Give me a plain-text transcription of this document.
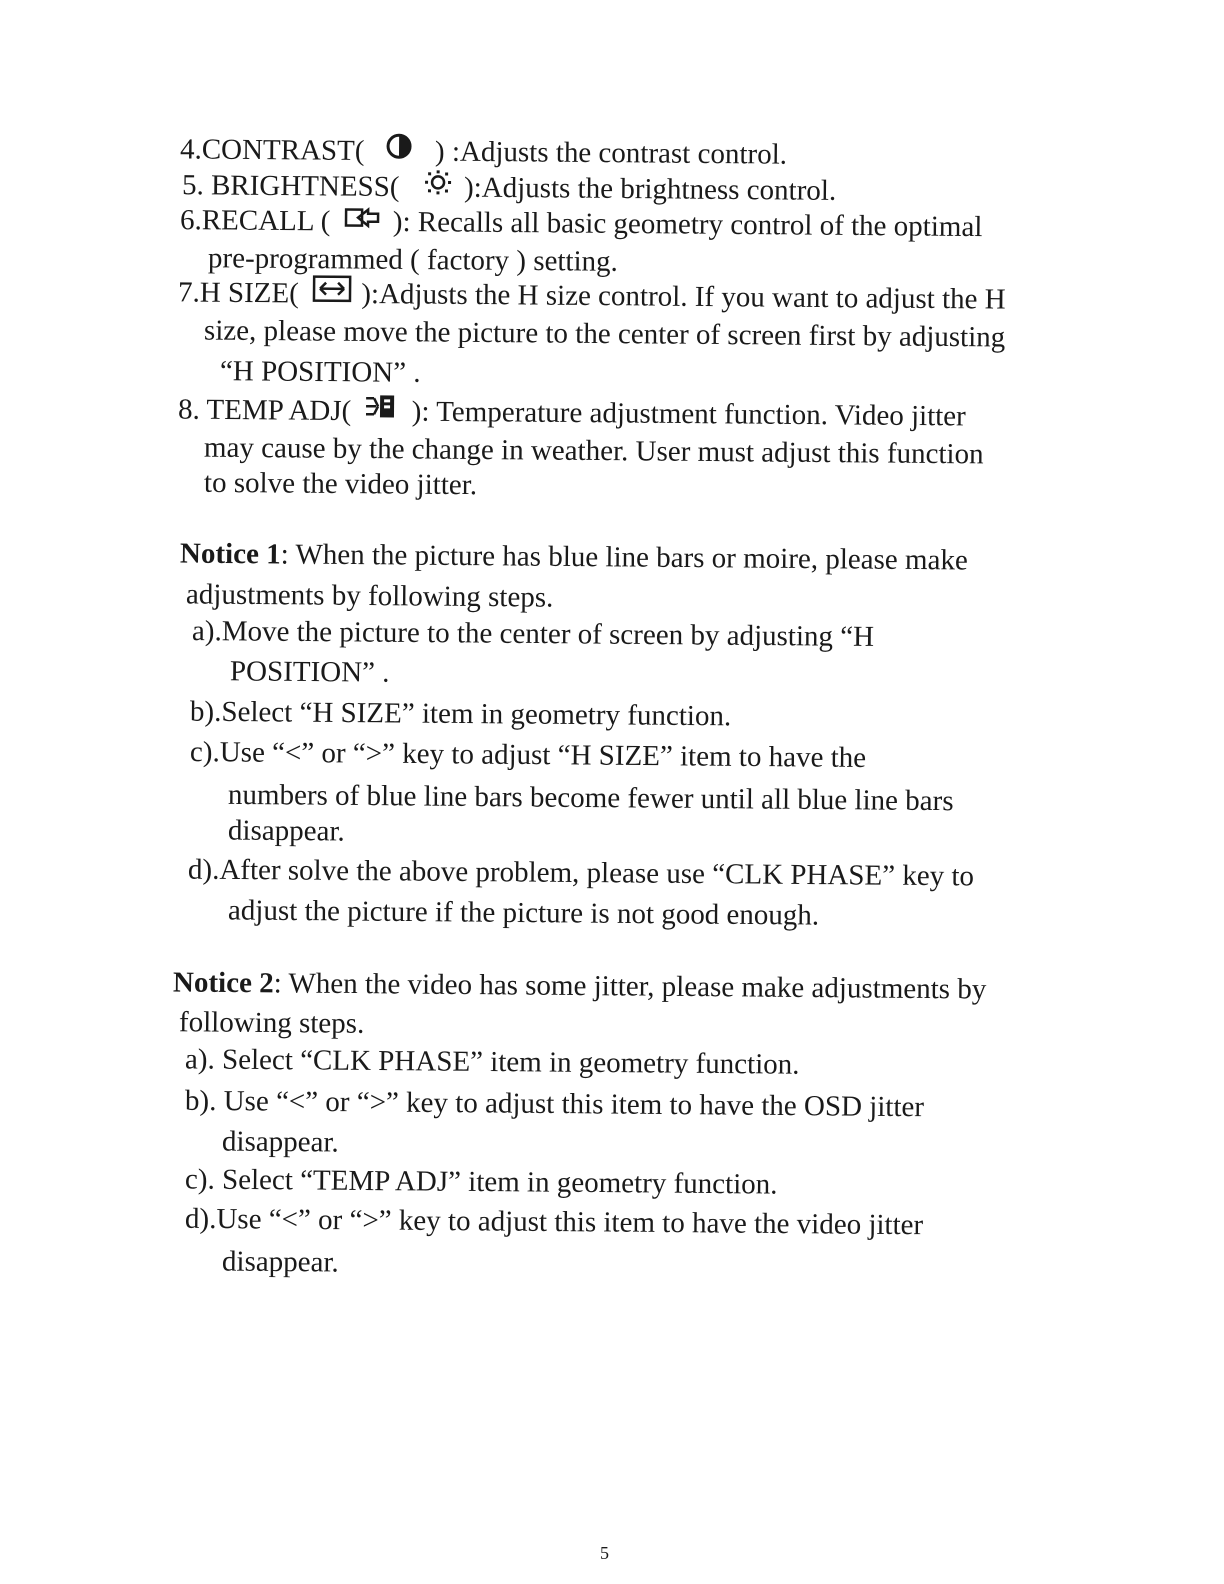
4.CONTRAST( ) :Adjusts the contrast control.
5. BRIGHTNESS( ):Adjusts the brightness control.
6.RECALL ( ): Recalls all basic geometry control of the optimal
pre-programmed ( factory ) setting.
7.H SIZE( ):Adjusts the H size control. If you want to adjust the H
size, please move the picture to the center of screen first by adjusting
“H POSITION” .
8. TEMP ADJ( ): Temperature adjustment function. Video jitter
may cause by the change in weather. User must adjust this function
to solve the video jitter.
Notice 1: When the picture has blue line bars or moire, please make
adjustments by following steps.
a).Move the picture to the center of screen by adjusting “H
POSITION” .
b).Select “H SIZE” item in geometry function.
c).Use “<” or “>” key to adjust “H SIZE” item to have the
numbers of blue line bars become fewer until all blue line bars
disappear.
d).After solve the above problem, please use “CLK PHASE” key to
adjust the picture if the picture is not good enough.
Notice 2: When the video has some jitter, please make adjustments by
following steps.
a). Select “CLK PHASE” item in geometry function.
b). Use “<” or “>” key to adjust this item to have the OSD jitter
disappear.
c). Select “TEMP ADJ” item in geometry function.
d).Use “<” or “>” key to adjust this item to have the video jitter
disappear.
5
